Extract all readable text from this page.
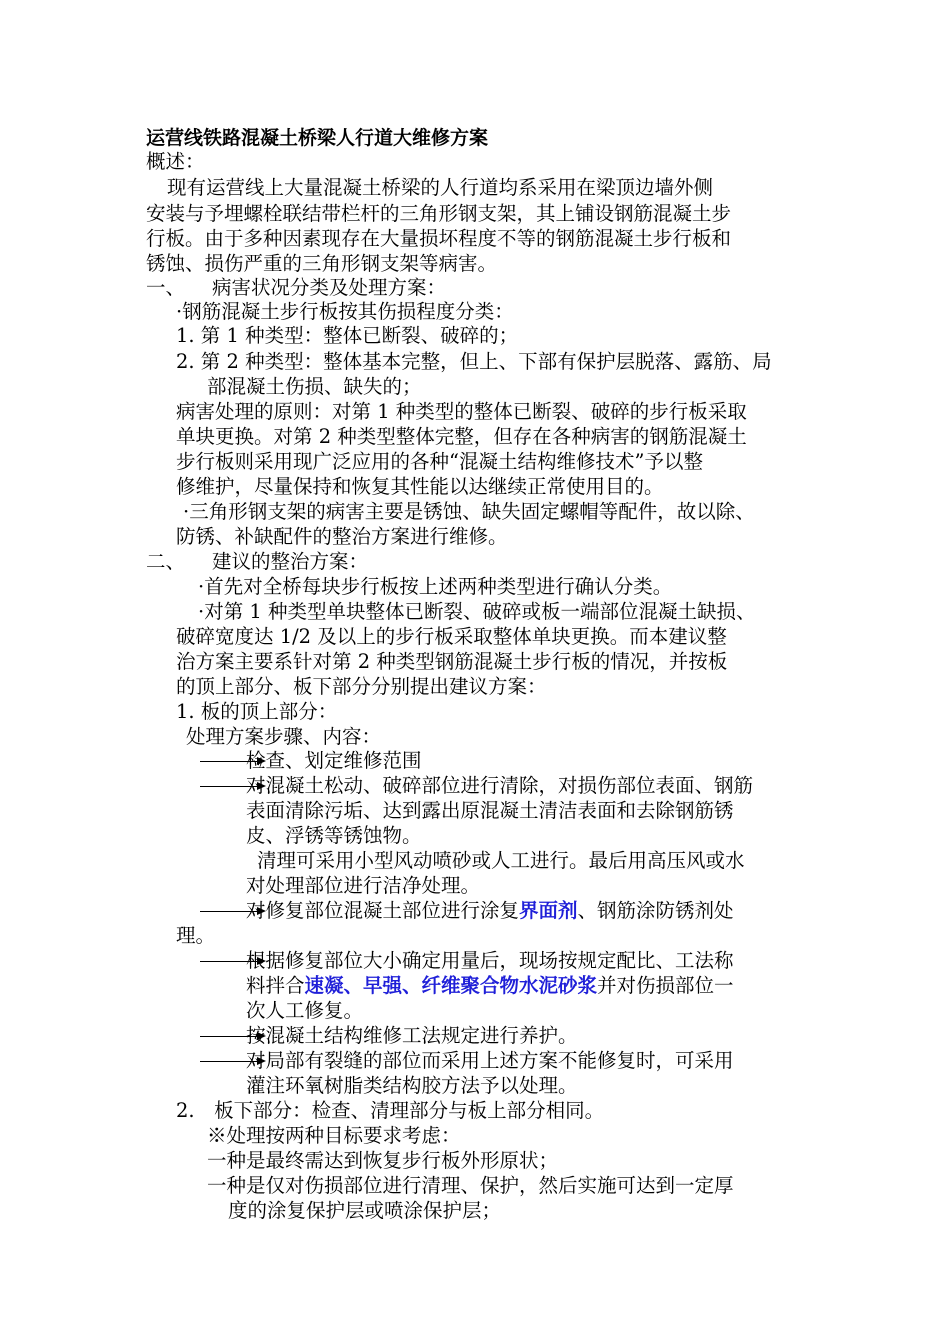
运营线铁路混凝土桥梁人行道大维修方案
概述：
现有运营线上大量混凝土桥梁的人行道均系采用在梁顶边墙外侧
安装与予埋螺栓联结带栏杆的三角形钢支架，其上铺设钢筋混凝土步
行板。由于多种因素现存在大量损坏程度不等的钢筋混凝土步行板和
锈蚀、损伤严重的三角形钢支架等病害。
一、 病害状况分类及处理方案：
·钢筋混凝土步行板按其伤损程度分类：
1. 第 1 种类型：整体已断裂、破碎的；
2. 第 2 种类型：整体基本完整，但上、下部有保护层脱落、露筋、局
部混凝土伤损、缺失的；
病害处理的原则：对第 1 种类型的整体已断裂、破碎的步行板采取
单块更换。对第 2 种类型整体完整，但存在各种病害的钢筋混凝土
步行板则采用现广泛应用的各种“混凝土结构维修技术”予以整
修维护，尽量保持和恢复其性能以达继续正常使用目的。
·三角形钢支架的病害主要是锈蚀、缺失固定螺帽等配件，故以除、
防锈、补缺配件的整治方案进行维修。
二、 建议的整治方案：
·首先对全桥每块步行板按上述两种类型进行确认分类。
·对第 1 种类型单块整体已断裂、破碎或板一端部位混凝土缺损、
破碎宽度达 1/2 及以上的步行板采取整体单块更换。而本建议整
治方案主要系针对第 2 种类型钢筋混凝土步行板的情况，并按板
的顶上部分、板下部分分别提出建议方案：
1. 板的顶上部分：
处理方案步骤、内容：
检查、划定维修范围
对混凝土松动、破碎部位进行清除，对损伤部位表面、钢筋
表面清除污垢、达到露出原混凝土清洁表面和去除钢筋锈
皮、浮锈等锈蚀物。
清理可采用小型风动喷砂或人工进行。最后用高压风或水
对处理部位进行洁净处理。
对修复部位混凝土部位进行涂复界面剂、钢筋涂防锈剂处
理。
根据修复部位大小确定用量后，现场按规定配比、工法称
料拌合速凝、早强、纤维聚合物水泥砂浆并对伤损部位一
次人工修复。
按混凝土结构维修工法规定进行养护。
对局部有裂缝的部位而采用上述方案不能修复时，可采用
灌注环氧树脂类结构胶方法予以处理。
2.　板下部分：检查、清理部分与板上部分相同。
※处理按两种目标要求考虑：
一种是最终需达到恢复步行板外形原状；
一种是仅对伤损部位进行清理、保护，然后实施可达到一定厚
度的涂复保护层或喷涂保护层；
